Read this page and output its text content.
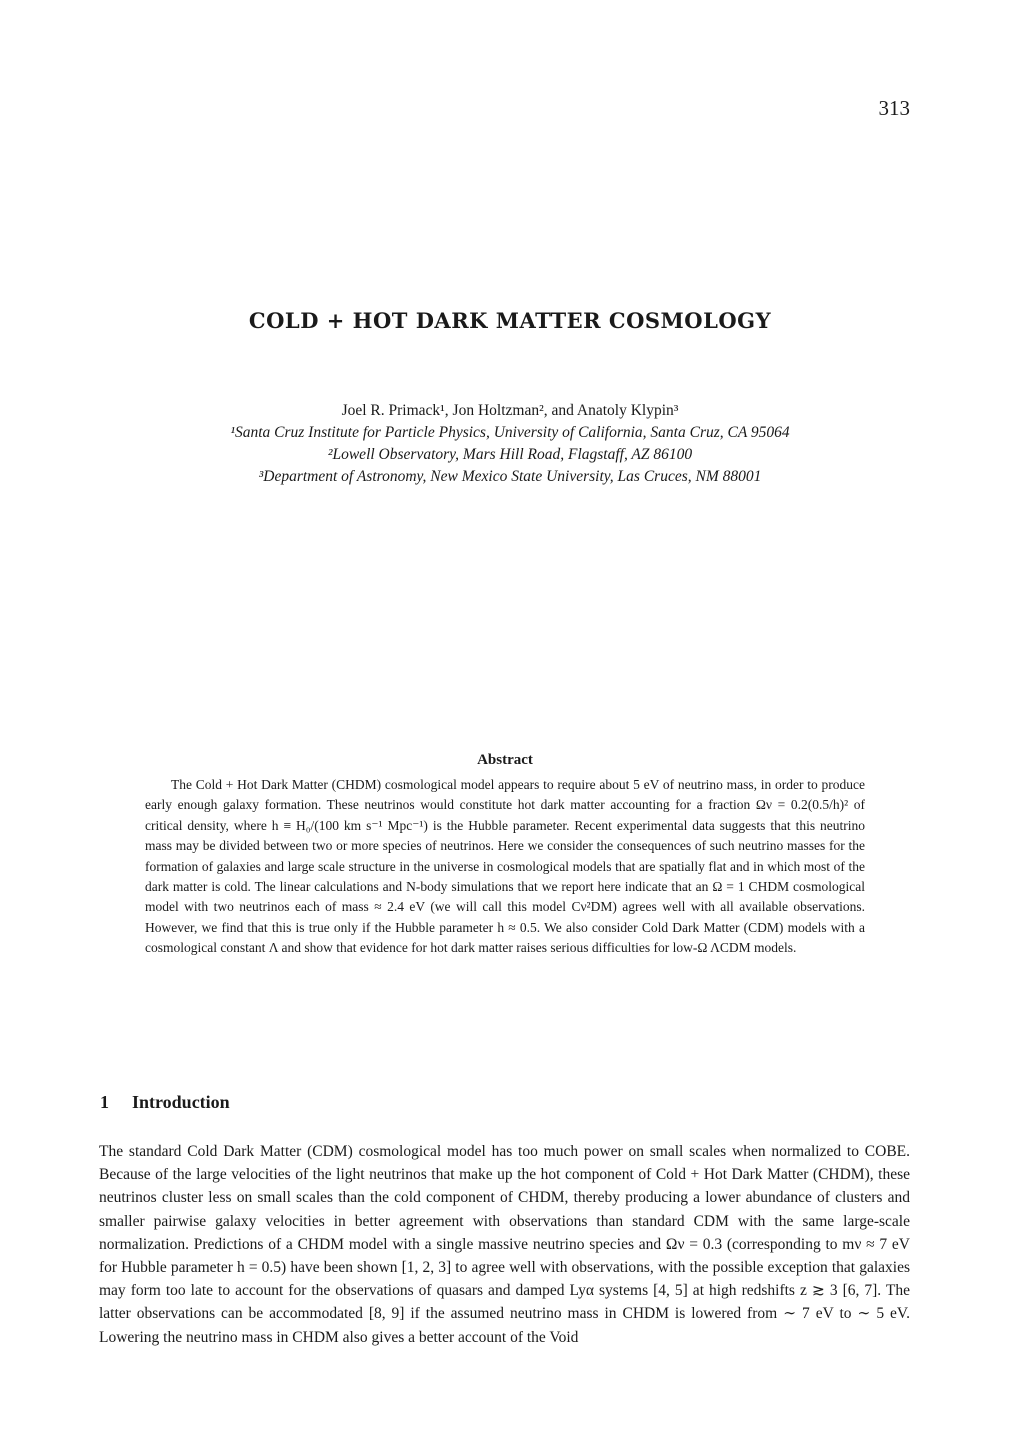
313
COLD + HOT DARK MATTER COSMOLOGY
Joel R. Primack¹, Jon Holtzman², and Anatoly Klypin³
¹Santa Cruz Institute for Particle Physics, University of California, Santa Cruz, CA 95064
²Lowell Observatory, Mars Hill Road, Flagstaff, AZ 86100
³Department of Astronomy, New Mexico State University, Las Cruces, NM 88001
Abstract
The Cold + Hot Dark Matter (CHDM) cosmological model appears to require about 5 eV of neutrino mass, in order to produce early enough galaxy formation. These neutrinos would constitute hot dark matter accounting for a fraction Ων = 0.2(0.5/h)² of critical density, where h ≡ H₀/(100 km s⁻¹ Mpc⁻¹) is the Hubble parameter. Recent experimental data suggests that this neutrino mass may be divided between two or more species of neutrinos. Here we consider the consequences of such neutrino masses for the formation of galaxies and large scale structure in the universe in cosmological models that are spatially flat and in which most of the dark matter is cold. The linear calculations and N-body simulations that we report here indicate that an Ω = 1 CHDM cosmological model with two neutrinos each of mass ≈ 2.4 eV (we will call this model Cν²DM) agrees well with all available observations. However, we find that this is true only if the Hubble parameter h ≈ 0.5. We also consider Cold Dark Matter (CDM) models with a cosmological constant Λ and show that evidence for hot dark matter raises serious difficulties for low-Ω ΛCDM models.
1 Introduction
The standard Cold Dark Matter (CDM) cosmological model has too much power on small scales when normalized to COBE. Because of the large velocities of the light neutrinos that make up the hot component of Cold + Hot Dark Matter (CHDM), these neutrinos cluster less on small scales than the cold component of CHDM, thereby producing a lower abundance of clusters and smaller pairwise galaxy velocities in better agreement with observations than standard CDM with the same large-scale normalization. Predictions of a CHDM model with a single massive neutrino species and Ων = 0.3 (corresponding to mν ≈ 7 eV for Hubble parameter h = 0.5) have been shown [1, 2, 3] to agree well with observations, with the possible exception that galaxies may form too late to account for the observations of quasars and damped Lyα systems [4, 5] at high redshifts z ≳ 3 [6, 7]. The latter observations can be accommodated [8, 9] if the assumed neutrino mass in CHDM is lowered from ∼ 7 eV to ∼ 5 eV. Lowering the neutrino mass in CHDM also gives a better account of the Void
